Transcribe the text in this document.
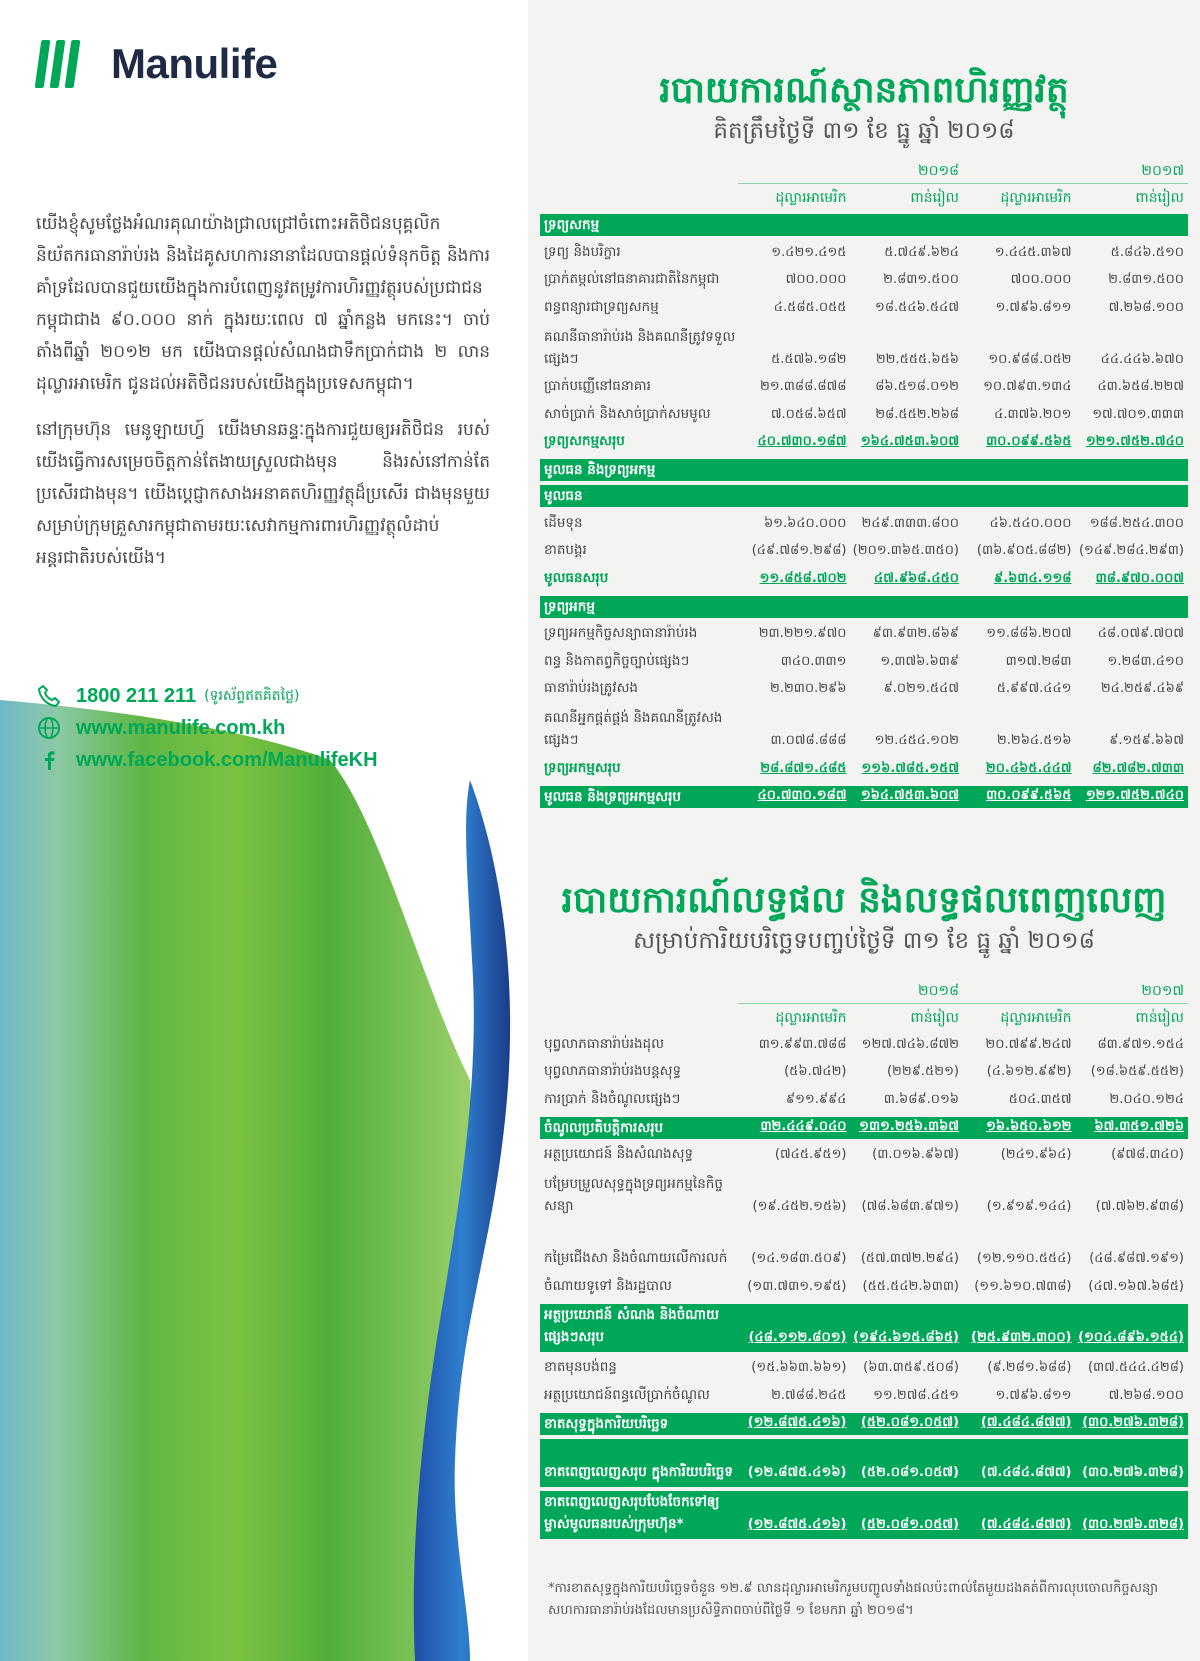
Manulife

យើងខ្ញុំសូមថ្លែងអំណរគុណយ៉ាងជ្រាលជ្រៅចំពោះអតិថិជនបុគ្គលិក និយ័តករធានារ៉ាប់រង និងដៃគូសហការនានាដែលបានផ្តល់ទំនុកចិត្ត និងការគាំទ្រដែលបានជួយយើងក្នុងការបំពេញនូវតម្រូវការហិរញ្ញវត្ថុរបស់ប្រជាជនកម្ពុជាជាង ៩០.០០០ នាក់ ក្នុងរយៈពេល ៧ ឆ្នាំកន្លង មកនេះ។ ចាប់តាំងពីឆ្នាំ ២០១២ មក យើងបានផ្តល់សំណងជាទឹកប្រាក់ជាង ២ លានដុល្លារអាមេរិក ជូនដល់អតិថិជនរបស់យើងក្នុងប្រទេសកម្ពុជា។

នៅក្រុមហ៊ុន មេនូឡាយហ្វ៍ យើងមានឆន្ទៈក្នុងការជួយឲ្យអតិថិជន របស់យើងធ្វើការសម្រេចចិត្តកាន់តែងាយស្រួលជាងមុន និងរស់នៅកាន់តែប្រសើរជាងមុន។ យើងប្តេជ្ញាកសាងអនាគតហិរញ្ញវត្ថុដ៏ប្រសើរ ជាងមុនមួយសម្រាប់ក្រុមគ្រួសារកម្ពុជាតាមរយៈសេវាកម្មការពារហិរញ្ញវត្ថុលំដាប់អន្តរជាតិរបស់យើង។

1800 211 211 (ទូរស័ព្ទឥតគិតថ្លៃ)
www.manulife.com.kh
www.facebook.com/ManulifeKH
របាយការណ៍ស្ថានភាពហិរញ្ញវត្ថុ
គិតត្រឹមថ្ងៃទី ៣១ ខែ ធ្នូ ឆ្នាំ ២០១៨
២០១៨	២០១៧
ដុល្លារអាមេរិក	ពាន់រៀល	ដុល្លារអាមេរិក	ពាន់រៀល
ទ្រព្យសកម្ម
ទ្រព្យ និងបរិក្ខារ	១.៤២១.៤១៥	៥.៧៤៩.៦២៤	១.៤៤៥.៣៦៧	៥.៨៤៦.៥១០
ប្រាក់តម្កល់នៅធនាគារជាតិនៃកម្ពុជា	៧០០.០០០	២.៨៣១.៥០០	៧០០.០០០	២.៨៣១.៥០០
ពន្ធពន្យារជាទ្រព្យសកម្ម	៤.៥៨៥.០៥៥	១៨.៥៤៦.៥៤៧	១.៧៩៦.៨១១	៧.២៦៨.១០០
គណនីធានារ៉ាប់រង និងគណនីត្រូវទទួលផ្សេងៗ	៥.៥៧៦.១៨២	២២.៥៥៥.៦៥៦	១០.៩៨៨.០៥២	៤៤.៤៤៦.៦៧០
ប្រាក់បញ្ញើនៅធនាគារ	២១.៣៨៨.៨៧៨	៨៦.៥១៨.០១២	១០.៧៩៣.១៣៤	៤៣.៦៥៨.២២៧
សាច់ប្រាក់ និងសាច់ប្រាក់សមមូល	៧.០៥៨.៦៥៧	២៨.៥៥២.២៦៨	៤.៣៧៦.២០១	១៧.៧០១.៣៣៣
ទ្រព្យសកម្មសរុប	៤០.៧៣០.១៨៧	១៦៤.៧៥៣.៦០៧	៣០.០៩៩.៥៦៥	១២១.៧៥២.៧៤០
មូលធន និងទ្រព្យអកម្ម
មូលធន
ដើមទុន	៦១.៦៤០.០០០	២៤៩.៣៣៣.៨០០	៤៦.៥៤០.០០០	១៨៨.២៥៤.៣០០
ខាតបង្គរ	(៤៩.៧៨១.២៩៨) (២០១.៣៦៥.៣៥០)	(៣៦.៩០៥.៨៨២) (១៤៩.២៨៤.២៩៣)
មូលធនសរុប	១១.៨៥៨.៧០២	៤៧.៩៦៨.៤៥០	៩.៦៣៤.១១៨	៣៨.៩៧០.០០៧
ទ្រព្យអកម្ម
ទ្រព្យអកម្មកិច្ចសន្យាធានារ៉ាប់រង	២៣.២២១.៩៧០	៩៣.៩៣២.៨៦៩	១១.៨៨៦.២០៧	៤៨.០៧៩.៧០៧
ពន្ធ និងកាតព្វកិច្ចច្បាប់ផ្សេងៗ	៣៤០.៣៣១	១.៣៧៦.៦៣៩	៣១៧.២៨៣	១.២៨៣.៤១០
ធានារ៉ាប់រងត្រូវសង	២.២៣០.២៩៦	៩.០២១.៥៤៧	៥.៩៩៧.៤៤១	២៤.២៥៩.៤៦៩
គណនីអ្នកផ្គត់ផ្គង់ និងគណនីត្រូវសងផ្សេងៗ	៣.០៧៨.៨៨៨	១២.៤៥៤.១០២	២.២៦៤.៥១៦	៩.១៥៩.៦៦៧
ទ្រព្យអកម្មសរុប	២៨.៨៧១.៤៨៥	១១៦.៧៨៥.១៥៧	២០.៤៦៥.៤៤៧	៨២.៧៨២.៧៣៣
មូលធន និងទ្រព្យអកម្មសរុប	៤០.៧៣០.១៨៧	១៦៤.៧៥៣.៦០៧	៣០.០៩៩.៥៦៥	១២១.៧៥២.៧៤០
របាយការណ៍លទ្ធផល និងលទ្ធផលពេញលេញ
សម្រាប់ការិយបរិច្ឆេទបញ្ចប់ថ្ងៃទី ៣១ ខែ ធ្នូ ឆ្នាំ ២០១៨
២០១៨	២០១៧
ដុល្លារអាមេរិក	ពាន់រៀល	ដុល្លារអាមេរិក	ពាន់រៀល
បុព្វលាភធានារ៉ាប់រងដុល	៣១.៩៩៣.៧៨៨	១២៧.៧៤៦.៨៧២	២០.៧៩៩.២៤៧	៨៣.៩៧១.១៥៤
បុព្វលាភធានារ៉ាប់រងបន្តសុទ្ធ	(៥៦.៧៤២)	(២២៩.៥២១)	(៤.៦១២.៩៩២)	(១៨.៦៥៩.៥៥២)
ការប្រាក់ និងចំណូលផ្សេងៗ	៩១១.៩៩៤	៣.៦៨៩.០១៦	៥០៤.៣៥៧	២.០៤០.១២៤
ចំណូលប្រតិបត្តិការសរុប	៣២.៤៤៩.០៤០ ១៣១.២៥៦.៣៦៧	១៦.៦៥០.៦១២	៦៧.៣៥១.៧២៦
អត្ថប្រយោជន៍ និងសំណងសុទ្ធ	(៧៤៥.៩៥១)	(៣.០១៦.៩៦៧)	(២៤១.៩៦៤)	(៩៧៨.៣៤០)
បម្រែបម្រួលសុទ្ធក្នុងទ្រព្យអកម្មនៃកិច្ចសន្យា	(១៩.៤៥២.១៥៦)	(៧៨.៦៨៣.៩៧១)	(១.៩១៩.១៤៤)	(៧.៧៦២.៩៣៨)
កម្រៃជើងសា និងចំណាយលើការលក់	(១៤.១៨៣.៥០៩)	(៥៧.៣៧២.២៩៤)	(១២.១១០.៥៥៤)	(៤៨.៩៨៧.១៩១)
ចំណាយទូទៅ និងរដ្ឋបាល	(១៣.៧៣១.១៩៥)	(៥៥.៥៤២.៦៣៣)	(១១.៦១០.៧៣៨)	(៤៧.១៦៧.៦៨៥)
អត្ថប្រយោជន៍ សំណង និងចំណាយផ្សេងៗសរុប	(៤៨.១១២.៨០១) (១៩៤.៦១៥.៨៦៥) (២៥.៩៣២.៣០០) (១០៤.៨៩៦.១៥៤)
ខាតមុនបង់ពន្ធ	(១៥.៦៦៣.៦៦១)	(៦៣.៣៥៩.៥០៨)	(៩.២៨១.៦៨៨)	(៣៧.៥៤៤.៤២៨)
អត្ថប្រយោជន៍ពន្ធលើប្រាក់ចំណូល	២.៧៨៨.២៤៥	១១.២៧៨.៤៥១	១.៧៩៦.៨១១	៧.២៦៨.១០០
ខាតសុទ្ធក្នុងការិយបរិច្ឆេទ	(១២.៨៧៥.៤១៦)	(៥២.០៨១.០៥៧)	(៧.៤៨៤.៨៧៧) (៣០.២៧៦.៣២៨)
ខាតពេញលេញសរុប ក្នុងការិយបរិច្ឆេទ	(១២.៨៧៥.៤១៦)	(៥២.០៨១.០៥៧)	(៧.៤៨៤.៨៧៧) (៣០.២៧៦.៣២៨)
ខាតពេញលេញសរុបបែងចែកទៅឲ្យម្ចាស់មូលធនរបស់ក្រុមហ៊ុន*	(១២.៨៧៥.៤១៦)	(៥២.០៨១.០៥៧)	(៧.៤៨៤.៨៧៧) (៣០.២៧៦.៣២៨)
*ការខាតសុទ្ធក្នុងការិយបរិច្ឆេទចំនួន ១២.៩ លានដុល្លារអាមេរិករួមបញ្ចូលទាំងផលប៉ះពាល់តែមួយដងគត់ពីការលុបចោលកិច្ចសន្យាសហការធានារ៉ាប់រងដែលមានប្រសិទ្ធិភាពចាប់ពីថ្ងៃទី ១ ខែមករា ឆ្នាំ ២០១៨។
